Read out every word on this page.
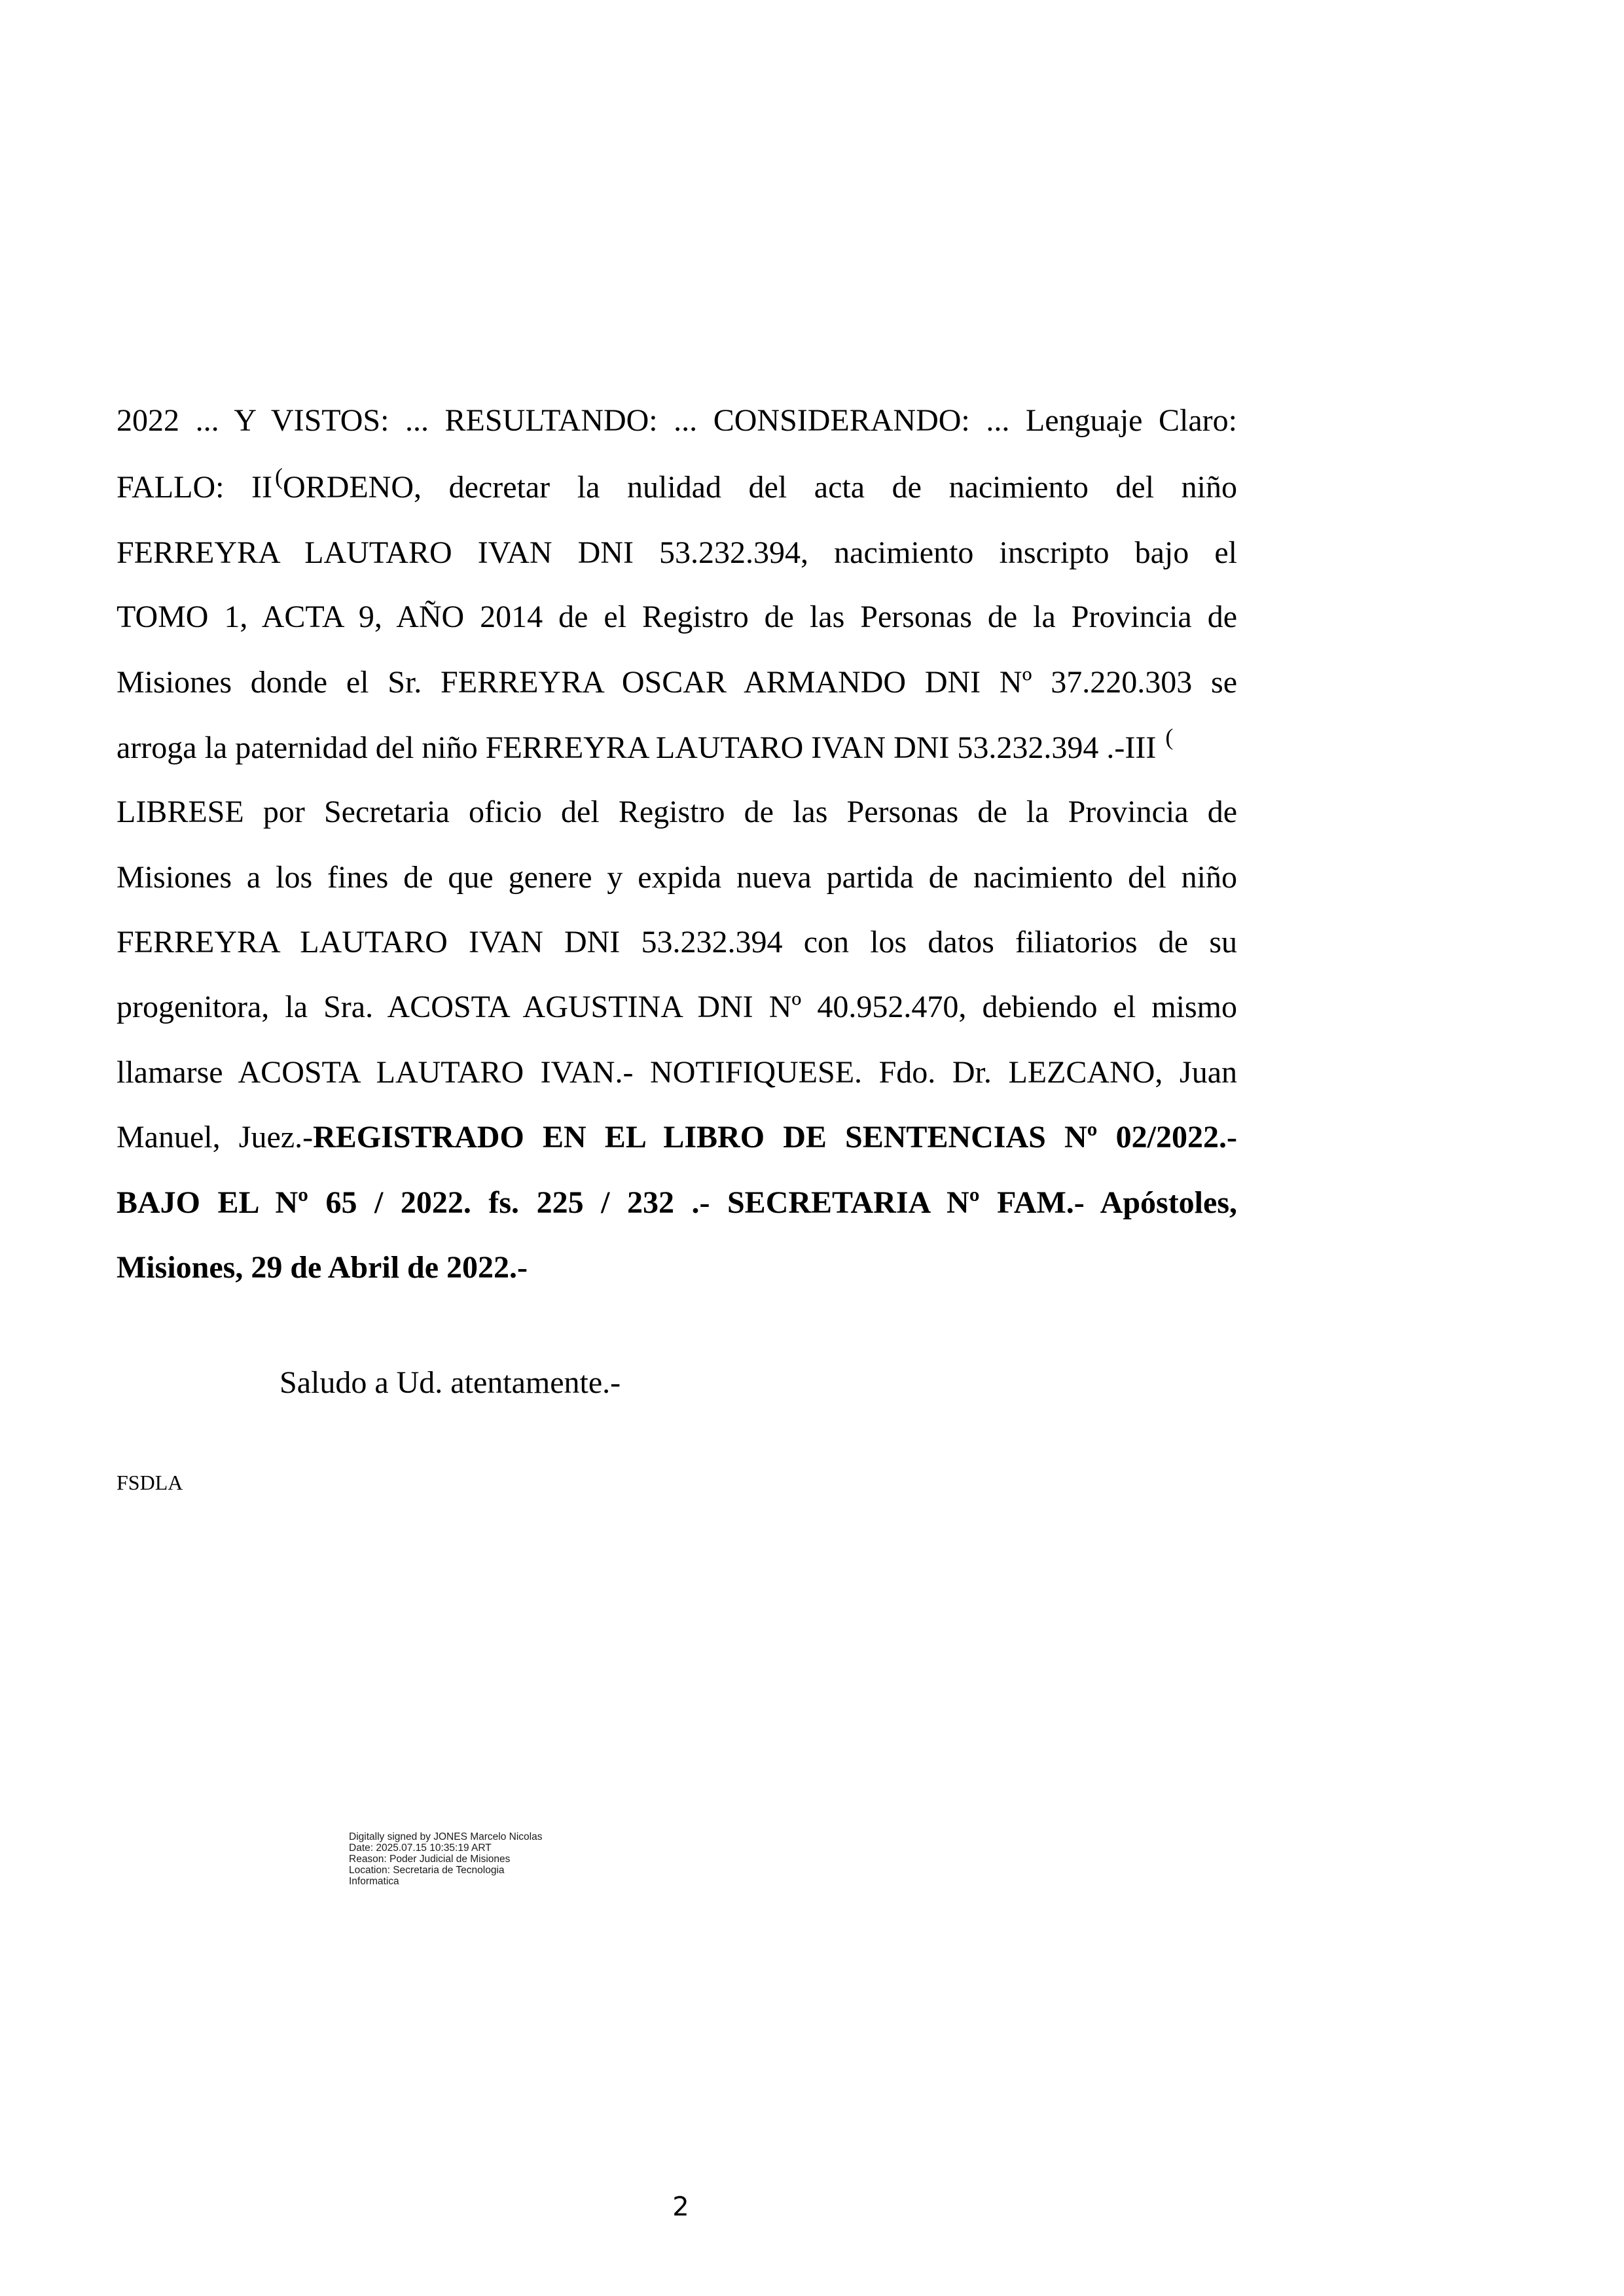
2022 ... Y VISTOS: ... RESULTANDO: ... CONSIDERANDO: ... Lenguaje Claro:
FALLO: II (ORDENO, decretar la nulidad del acta de nacimiento del niño
FERREYRA LAUTARO IVAN DNI 53.232.394, nacimiento inscripto bajo el
TOMO 1, ACTA 9, AÑO 2014 de el Registro de las Personas de la Provincia de
Misiones donde el Sr. FERREYRA OSCAR ARMANDO DNI Nº 37.220.303 se
arroga la paternidad del niño FERREYRA LAUTARO IVAN DNI 53.232.394 .-III (
LIBRESE por Secretaria oficio del Registro de las Personas de la Provincia de
Misiones a los fines de que genere y expida nueva partida de nacimiento del niño
FERREYRA LAUTARO IVAN DNI 53.232.394 con los datos filiatorios de su
progenitora, la Sra. ACOSTA AGUSTINA DNI Nº 40.952.470, debiendo el mismo
llamarse ACOSTA LAUTARO IVAN.- NOTIFIQUESE. Fdo. Dr. LEZCANO, Juan
Manuel, Juez.-REGISTRADO EN EL LIBRO DE SENTENCIAS Nº 02/2022.-
BAJO EL Nº 65 / 2022. fs. 225 / 232 .- SECRETARIA Nº FAM.- Apóstoles,
Misiones, 29 de Abril de 2022.-
Saludo a Ud. atentamente.-
FSDLA
Digitally signed by JONES Marcelo Nicolas
Date: 2025.07.15 10:35:19 ART
Reason: Poder Judicial de Misiones
Location: Secretaria de Tecnologia
Informatica
2
